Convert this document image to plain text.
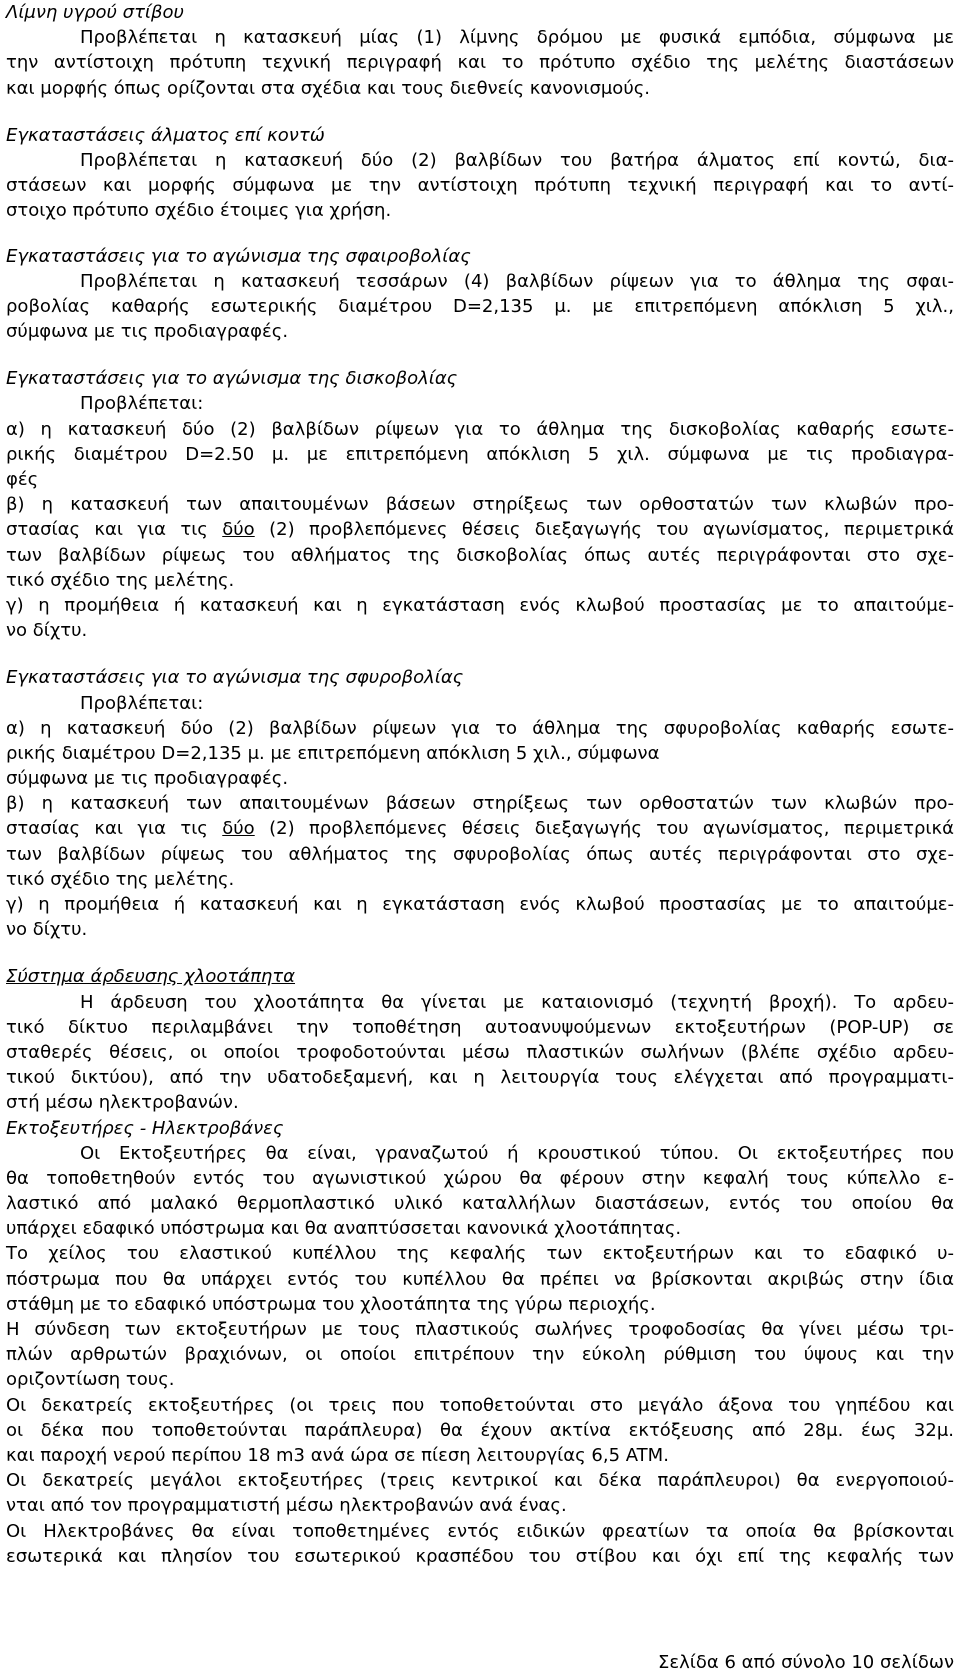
Λίμνη υγρού στίβου
Προβλέπεται η κατασκευή μίας (1) λίμνης δρόμου με φυσικά εμπόδια, σύμφωνα με
την αντίστοιχη πρότυπη τεχνική περιγραφή και το πρότυπο σχέδιο της μελέτης διαστάσεων
και μορφής όπως ορίζονται στα σχέδια και τους διεθνείς κανονισμούς.
Εγκαταστάσεις άλματος επί κοντώ
Προβλέπεται η κατασκευή δύο (2) βαλβίδων του βατήρα άλματος επί κοντώ, δια-
στάσεων και μορφής σύμφωνα με την αντίστοιχη πρότυπη τεχνική περιγραφή και το αντί-
στοιχο πρότυπο σχέδιο έτοιμες για χρήση.
Εγκαταστάσεις για το αγώνισμα της σφαιροβολίας
Προβλέπεται η κατασκευή τεσσάρων (4) βαλβίδων ρίψεων για το άθλημα της σφαι-
ροβολίας καθαρής εσωτερικής διαμέτρου D=2,135 μ. με επιτρεπόμενη απόκλιση 5 χιλ.,
σύμφωνα με τις προδιαγραφές.
Εγκαταστάσεις για το αγώνισμα της δισκοβολίας
Προβλέπεται:
α) η κατασκευή δύο (2) βαλβίδων ρίψεων για το άθλημα της δισκοβολίας καθαρής εσωτε-
ρικής διαμέτρου D=2.50 μ. με επιτρεπόμενη απόκλιση 5 χιλ. σύμφωνα με τις προδιαγρα-
φές
β) η κατασκευή των απαιτουμένων βάσεων στηρίξεως των ορθοστατών των κλωβών προ-
στασίας και για τις δύο (2) προβλεπόμενες θέσεις διεξαγωγής του αγωνίσματος, περιμετρικά
των βαλβίδων ρίψεως του αθλήματος της δισκοβολίας όπως αυτές περιγράφονται στο σχε-
τικό σχέδιο της μελέτης.
γ) η προμήθεια ή κατασκευή και η εγκατάσταση ενός κλωβού προστασίας με το απαιτούμε-
νο δίχτυ.
Εγκαταστάσεις για το αγώνισμα της σφυροβολίας
Προβλέπεται:
α) η κατασκευή δύο (2) βαλβίδων ρίψεων για το άθλημα της σφυροβολίας καθαρής εσωτε-
ρικής διαμέτρου D=2,135 μ. με επιτρεπόμενη απόκλιση 5 χιλ., σύμφωνα
σύμφωνα με τις προδιαγραφές.
β) η κατασκευή των απαιτουμένων βάσεων στηρίξεως των ορθοστατών των κλωβών προ-
στασίας και για τις δύο (2) προβλεπόμενες θέσεις διεξαγωγής του αγωνίσματος, περιμετρικά
των βαλβίδων ρίψεως του αθλήματος της σφυροβολίας όπως αυτές περιγράφονται στο σχε-
τικό σχέδιο της μελέτης.
γ) η προμήθεια ή κατασκευή και η εγκατάσταση ενός κλωβού προστασίας με το απαιτούμε-
νο δίχτυ.
Σύστημα άρδευσης χλοοτάπητα
Η άρδευση του χλοοτάπητα θα γίνεται με καταιονισμό (τεχνητή βροχή). Το αρδευ-
τικό δίκτυο περιλαμβάνει την τοποθέτηση αυτοανυψούμενων εκτοξευτήρων (POP-UP) σε
σταθερές θέσεις, οι οποίοι τροφοδοτούνται μέσω πλαστικών σωλήνων (βλέπε σχέδιο αρδευ-
τικού δικτύου), από την υδατοδεξαμενή, και η λειτουργία τους ελέγχεται από προγραμματι-
στή μέσω ηλεκτροβανών.
Εκτοξευτήρες - Ηλεκτροβάνες
Οι Εκτοξευτήρες θα είναι, γραναζωτού ή κρουστικού τύπου. Οι εκτοξευτήρες που
θα τοποθετηθούν εντός του αγωνιστικού χώρου θα φέρουν στην κεφαλή τους κύπελλο ε-
λαστικό από μαλακό θερμοπλαστικό υλικό καταλλήλων διαστάσεων, εντός του οποίου θα
υπάρχει εδαφικό υπόστρωμα και θα αναπτύσσεται κανονικά χλοοτάπητας.
Το χείλος του ελαστικού κυπέλλου της κεφαλής των εκτοξευτήρων και το εδαφικό υ-
πόστρωμα που θα υπάρχει εντός του κυπέλλου θα πρέπει να βρίσκονται ακριβώς στην ίδια
στάθμη με το εδαφικό υπόστρωμα του χλοοτάπητα της γύρω περιοχής.
Η σύνδεση των εκτοξευτήρων με τους πλαστικούς σωλήνες τροφοδοσίας θα γίνει μέσω τρι-
πλών αρθρωτών βραχιόνων, οι οποίοι επιτρέπουν την εύκολη ρύθμιση του ύψους και την
οριζοντίωση τους.
Οι δεκατρείς εκτοξευτήρες (οι τρεις που τοποθετούνται στο μεγάλο άξονα του γηπέδου και
οι δέκα που τοποθετούνται παράπλευρα) θα έχουν ακτίνα εκτόξευσης από 28μ. έως 32μ.
και παροχή νερού περίπου 18 m3 ανά ώρα σε πίεση λειτουργίας 6,5 ATM.
Οι δεκατρείς μεγάλοι εκτοξευτήρες (τρεις κεντρικοί και δέκα παράπλευροι) θα ενεργοποιού-
νται από τον προγραμματιστή μέσω ηλεκτροβανών ανά ένας.
Οι Ηλεκτροβάνες θα είναι τοποθετημένες εντός ειδικών φρεατίων τα οποία θα βρίσκονται
εσωτερικά και πλησίον του εσωτερικού κρασπέδου του στίβου και όχι επί της κεφαλής των
Σελίδα 6 από σύνολο 10 σελίδων
